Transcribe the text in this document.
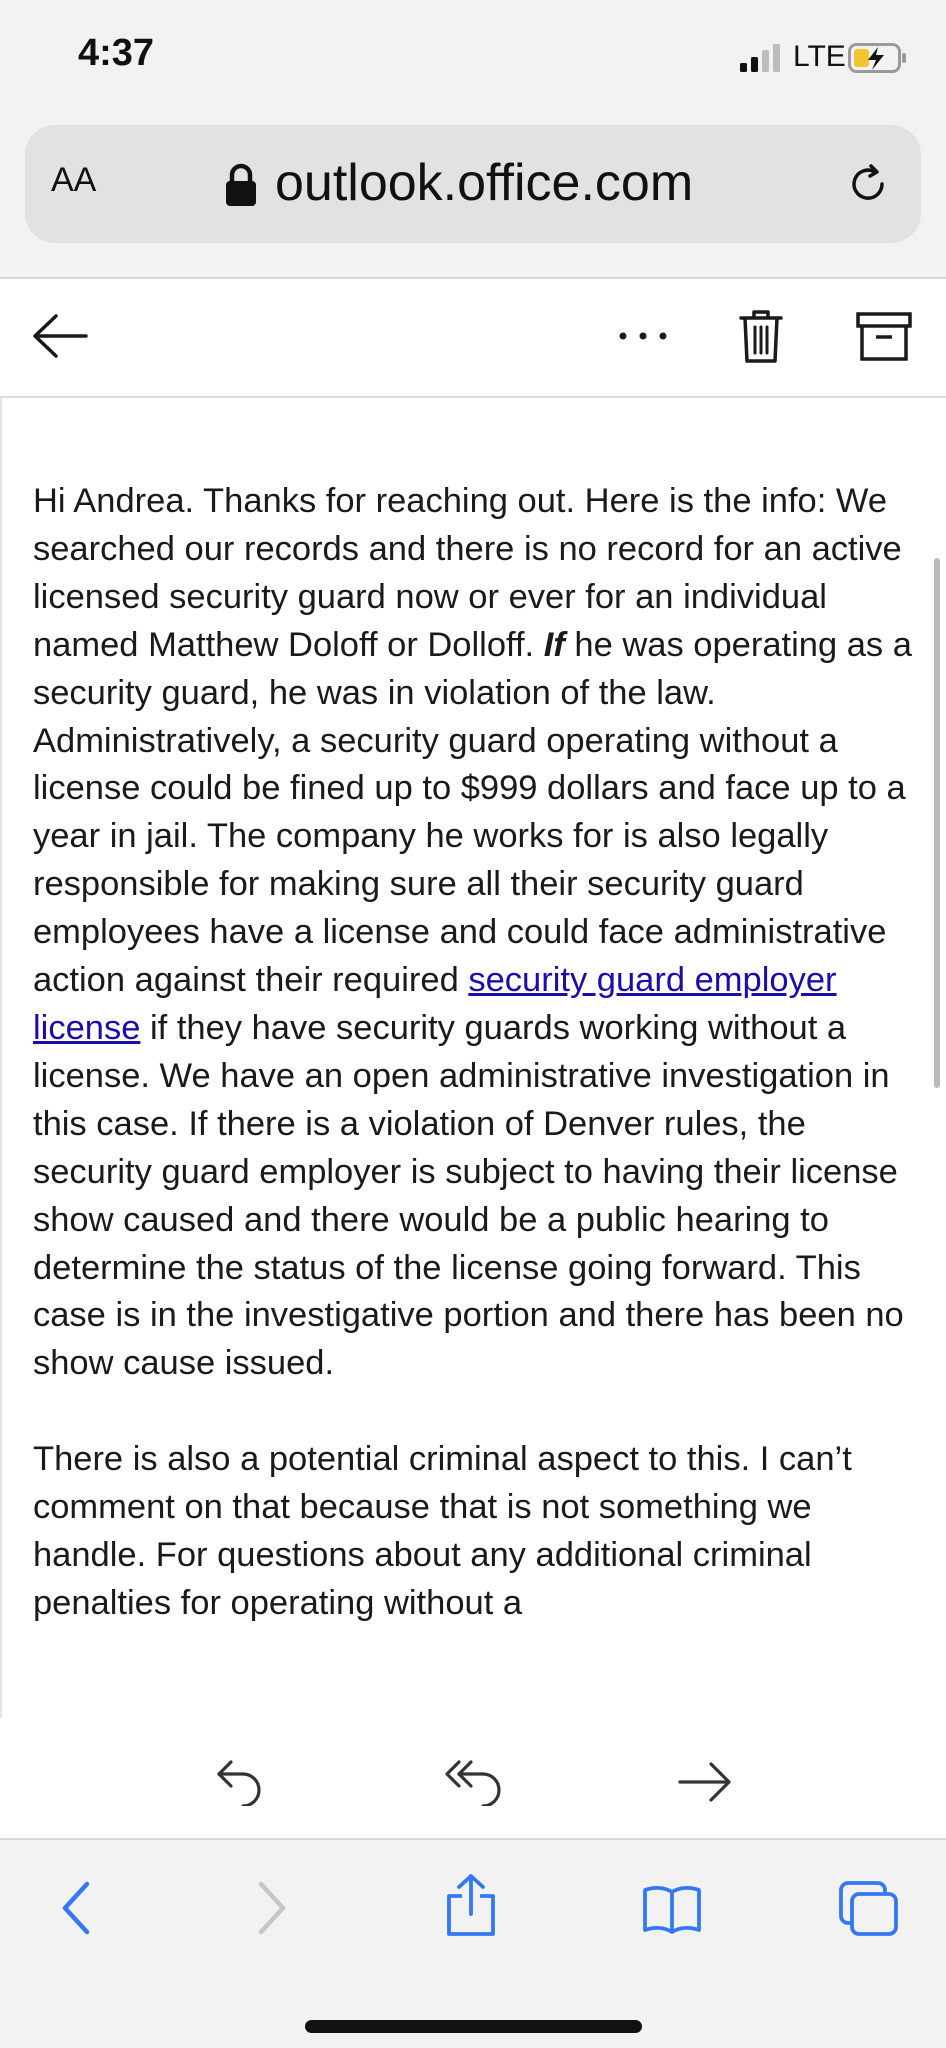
4:37	LTE
AA	outlook.office.com

Hi Andrea. Thanks for reaching out. Here is the info: We searched our records and there is no record for an active licensed security guard now or ever for an individual named Matthew Doloff or Dolloff. If he was operating as a security guard, he was in violation of the law. Administratively, a security guard operating without a license could be fined up to $999 dollars and face up to a year in jail. The company he works for is also legally responsible for making sure all their security guard employees have a license and could face administrative action against their required security guard employer license if they have security guards working without a license. We have an open administrative investigation in this case. If there is a violation of Denver rules, the security guard employer is subject to having their license show caused and there would be a public hearing to determine the status of the license going forward. This case is in the investigative portion and there has been no show cause issued.

There is also a potential criminal aspect to this. I can’t comment on that because that is not something we handle. For questions about any additional criminal penalties for operating without a
